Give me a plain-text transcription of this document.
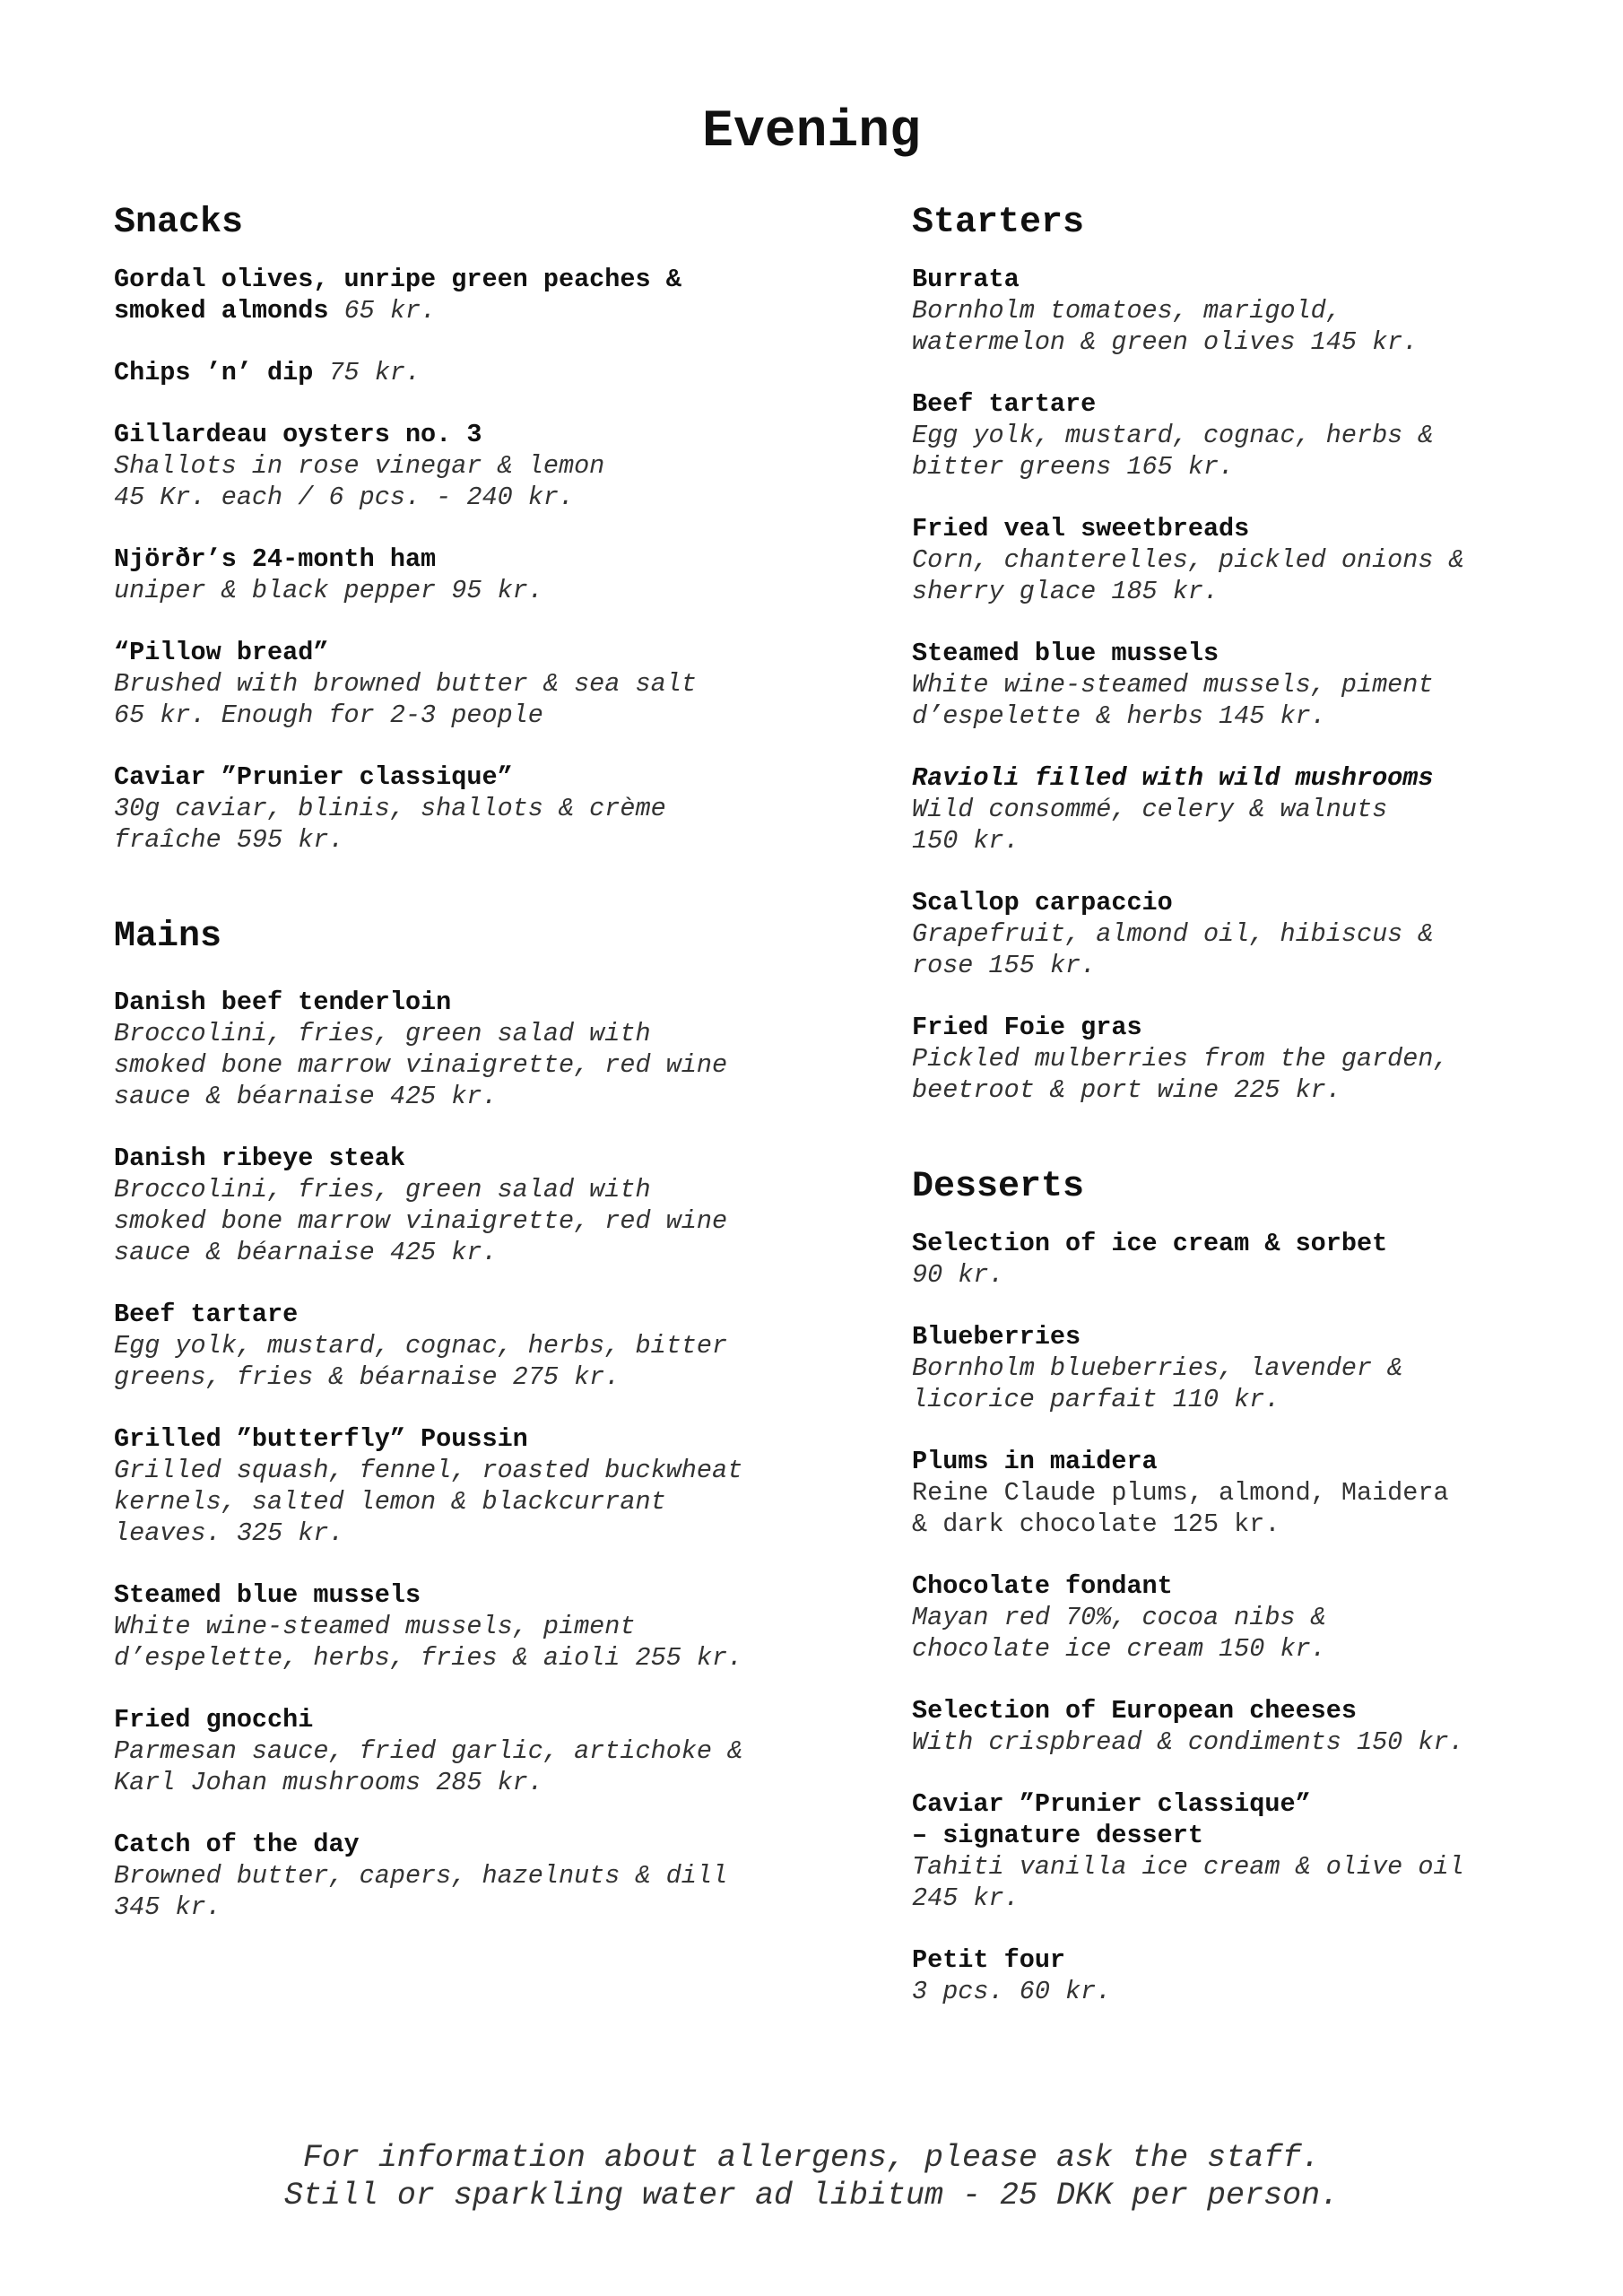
Evening
Snacks

Gordal olives, unripe green peaches &
smoked almonds 65 kr.

Chips ’n’ dip 75 kr.

Gillardeau oysters no. 3

Shallots in rose vinegar & lemon
45 Kr. each / 6 pcs. - 240 kr.

Njörðr’s 24-month ham

uniper & black pepper 95 kr.

“Pillow bread”

Brushed with browned butter & sea salt
65 kr. Enough for 2-3 people

Caviar ”Prunier classique”

30g caviar, blinis, shallots & crème
fraîche 595 kr.

Mains

Danish beef tenderloin

Broccolini, fries, green salad with
smoked bone marrow vinaigrette, red wine
sauce & béarnaise 425 kr.

Danish ribeye steak

Broccolini, fries, green salad with
smoked bone marrow vinaigrette, red wine
sauce & béarnaise 425 kr.

Beef tartare

Egg yolk, mustard, cognac, herbs, bitter
greens, fries & béarnaise 275 kr.

Grilled ”butterfly” Poussin

Grilled squash, fennel, roasted buckwheat
kernels, salted lemon & blackcurrant
leaves. 325 kr.

Steamed blue mussels

White wine-steamed mussels, piment
d’espelette, herbs, fries & aioli 255 kr.

Fried gnocchi

Parmesan sauce, fried garlic, artichoke &
Karl Johan mushrooms 285 kr.

Catch of the day

Browned butter, capers, hazelnuts & dill
345 kr.

Starters

Burrata

Bornholm tomatoes, marigold,
watermelon & green olives 145 kr.

Beef tartare

Egg yolk, mustard, cognac, herbs &
bitter greens 165 kr.

Fried veal sweetbreads

Corn, chanterelles, pickled onions &
sherry glace 185 kr.

Steamed blue mussels

White wine-steamed mussels, piment
d’espelette & herbs 145 kr.

Ravioli filled with wild mushrooms

Wild consommé, celery & walnuts
150 kr.

Scallop carpaccio

Grapefruit, almond oil, hibiscus &
rose 155 kr.

Fried Foie gras

Pickled mulberries from the garden,
beetroot & port wine 225 kr.

Desserts

Selection of ice cream & sorbet

90 kr.

Blueberries

Bornholm blueberries, lavender &
licorice parfait 110 kr.

Plums in maidera

Reine Claude plums, almond, Maidera
& dark chocolate 125 kr.

Chocolate fondant

Mayan red 70%, cocoa nibs &
chocolate ice cream 150 kr.

Selection of European cheeses

With crispbread & condiments 150 kr.

Caviar ”Prunier classique”
– signature dessert

Tahiti vanilla ice cream & olive oil
245 kr.

Petit four

3 pcs. 60 kr.

For information about allergens, please ask the staff.

Still or sparkling water ad libitum - 25 DKK per person.
